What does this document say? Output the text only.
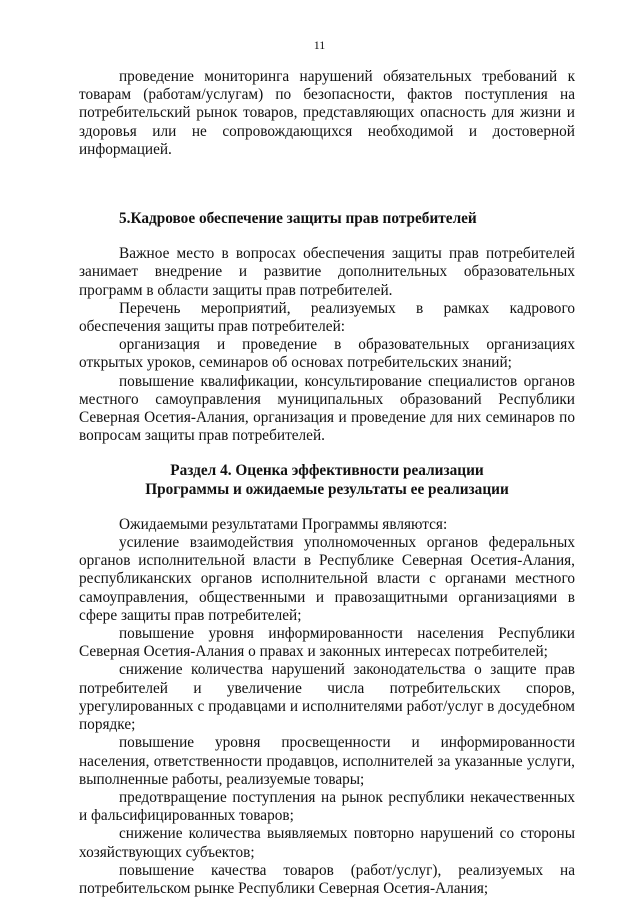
11

проведение мониторинга нарушений обязательных требований к товарам (работам/услугам) по безопасности, фактов поступления на потребительский рынок товаров, представляющих опасность для жизни и здоровья или не сопровождающихся необходимой и достоверной информацией.

5.Кадровое обеспечение защиты прав потребителей

Важное место в вопросах обеспечения защиты прав потребителей занимает внедрение и развитие дополнительных образовательных программ в области защиты прав потребителей.

Перечень мероприятий, реализуемых в рамках кадрового обеспечения защиты прав потребителей:

организация и проведение в образовательных организациях открытых уроков, семинаров об основах потребительских знаний;

повышение квалификации, консультирование специалистов органов местного самоуправления муниципальных образований Республики Северная Осетия-Алания, организация и проведение для них семинаров по вопросам защиты прав потребителей.

Раздел 4. Оценка эффективности реализации

Программы и ожидаемые результаты ее реализации

Ожидаемыми результатами Программы являются:

усиление взаимодействия уполномоченных органов федеральных органов исполнительной власти в Республике Северная Осетия-Алания, республиканских органов исполнительной власти с органами местного самоуправления, общественными и правозащитными организациями в сфере защиты прав потребителей;

повышение уровня информированности населения Республики Северная Осетия-Алания о правах и законных интересах потребителей;

снижение количества нарушений законодательства о защите прав потребителей и увеличение числа потребительских споров, урегулированных с продавцами и исполнителями работ/услуг в досудебном порядке;

повышение уровня просвещенности и информированности населения, ответственности продавцов, исполнителей за указанные услуги, выполненные работы, реализуемые товары;

предотвращение поступления на рынок республики некачественных и фальсифицированных товаров;

снижение количества выявляемых повторно нарушений со стороны хозяйствующих субъектов;

повышение качества товаров (работ/услуг), реализуемых на потребительском рынке Республики Северная Осетия-Алания;
